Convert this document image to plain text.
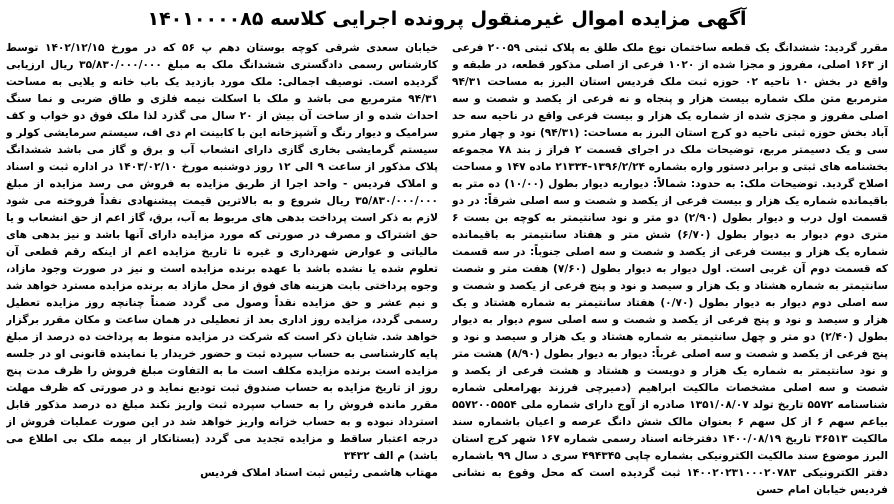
آگهی مزایده اموال غیرمنقول پرونده اجرایی کلاسه ۱۴۰۱۰۰۰۰۸۵

مقرر گردید: ششدانگ یک قطعه ساختمان نوع ملک طلق به پلاک ثبتی ۲۰۰۵۹ فرعی از ۱۶۳ اصلی، مفروز و مجزا شده از ۱۰۲۰ فرعی از اصلی مذکور قطعه، در طبقه و واقع در بخش ۱۰ ناحیه ۰۲ حوزه ثبت ملک فردیس استان البرز به مساحت ۹۴/۳۱ مترمربع متن ملک شماره بیست هزار و پنجاه و نه فرعی از یکصد و شصت و سه اصلی مفروز و مجزی شده از شماره یک هزار و بیست فرعی واقع در ناحیه سه حد آباد بخش حوزه ثبتی ناحیه دو کرج استان البرز به مساحت: (۹۴/۳۱) نود و چهار مترو سی و یک دسیمتر مربع، توضیحات ملک در اجرای قسمت ۲ فراز ز بند ۷۸ مجموعه بخشنامه های ثبتی و برابر دستور واره بشماره ۱۳۹۶/۲/۲۴-۲۱۳۳۴ ماده ۱۴۷ و مساحت اصلاح گردید. توضیحات ملک: به حدود: شمالاً: دیواریه دیوار بطول (۱۰/۰۰) ده متر به باقیمانده شماره یک هزار و بیست فرعی از یکصد و شصت و سه اصلی شرقاً: در دو قسمت اول درب و دیوار بطول (۲/۹۰) دو متر و نود سانتیمتر به کوچه بن بست ۶ متری دوم دیوار به دیوار بطول (۶/۷۰) شش متر و هفتاد سانتیمتر به باقیمانده شماره یک هزار و بیست فرعی از یکصد و شصت و سه اصلی جنوباً: در سه قسمت که قسمت دوم آن غربی است. اول دیوار به دیوار بطول (۷/۶۰) هفت متر و شصت سانتیمتر به شماره هشتاد و یک هزار و سیصد و نود و پنج فرعی از یکصد و شصت و سه اصلی دوم دیوار به دیوار بطول (۰/۷۰) هفتاد سانتیمتر به شماره هشتاد و یک هزار و سیصد و نود و پنج فرعی از یکصد و شصت و سه اصلی سوم دیوار به دیوار بطول (۲/۴۰) دو متر و چهل سانتیمتر به شماره هشتاد و یک هزار و سیصد و نود و پنج فرعی از یکصد و شصت و سه اصلی غرباً: دیوار به دیوار بطول (۸/۹۰) هشت متر و نود سانتیمتر به شماره یک هزار و دویست و هشتاد و هشت فرعی از یکصد و شصت و سه اصلی مشخصات مالکیت ابراهیم (دمیرچی فرزند بهرامعلی شماره شناسنامه ۵۵۷۲ تاریخ تولد ۱۳۵۱/۰۸/۰۷ صادره از آوج دارای شماره ملی ۵۵۷۲۰۰۵۵۵۴ بیاعم سهم ۶ از کل سهم ۶ بعنوان مالک شش دانگ عرصه و اعیان باشماره سند مالکیت ۳۶۵۱۳ تاریخ ۱۴۰۰/۰۸/۱۹ دفترخانه اسناد رسمی شماره ۱۶۷ شهر کرج استان البرز موضوع سند مالکیت الکترونیکی بشماره چاپی ۴۹۴۳۴۵ سری د سال ۹۹ باشماره دفتر الکترونیکی ۱۴۰۰۲۰۲۳۱۰۰۰۲۰۷۸۳ ثبت گردیده است که محل وقوع به نشانی فردیس خیابان امام حسن

خیابان سعدی شرقی کوچه بوستان دهم پ ۵۶ که در مورخ ۱۴۰۲/۱۲/۱۵ توسط کارشناس رسمی دادگستری ششدانگ ملک به مبلغ ۳۵/۸۳۰/۰۰۰/۰۰۰ ریال ارزیابی گردیده است. توصیف اجمالی: ملک مورد بازدید یک باب خانه و یلایی به مساحت ۹۴/۳۱ مترمربع می باشد و ملک با اسکلت نیمه فلزی و طاق ضربی و نما سنگ احداث شده و از ساخت آن بیش از ۲۰ سال می گذرد لذا ملک فوق دو خواب و کف سرامیک و دیوار رنگ و آشپزخانه این با کابینت ام دی اف، سیستم سرمایشی کولر و سیستم گرمایشی بخاری گازی دارای انشعاب آب و برق و گاز می باشد ششدانگ پلاک مذکور از ساعت ۹ الی ۱۲ روز دوشنبه مورخ ۱۴۰۳/۰۲/۱۰ در اداره ثبت و اسناد و املاک فردیس - واحد اجرا از طریق مزایده به فروش می رسد مزایده از مبلغ ۳۵/۸۳۰/۰۰۰/۰۰۰ ریال شروع و به بالاترین قیمت پیشنهادی نقداً فروخته می شود لازم به ذکر است پرداخت بدهی های مربوط به آب، برق، گاز اعم از حق انشعاب و یا حق اشتراک و مصرف در صورتی که مورد مزایده دارای آنها باشد و نیز بدهی های مالیاتی و عوارض شهرداری و غیره تا تاریخ مزایده اعم از اینکه رقم قطعی آن تعلوم شده یا نشده باشد با عهده برنده مزایده است و نیز در صورت وجود مازاد، وجوه پرداختی بابت هزینه های فوق از محل مازاد به برنده مزایده مسترد خواهد شد و نیم عشر و حق مزایده نقداً وصول می گردد ضمناً چنانچه روز مزایده تعطیل رسمی گردد، مزایده روز اداری بعد از تعطیلی در همان ساعت و مکان مقرر برگزار خواهد شد. شایان ذکر است که شرکت در مزایده منوط به پرداخت ده درصد از مبلغ پایه کارشناسی به حساب سپرده ثبت و حضور خریدار یا نماینده قانونی او در جلسه مزایده است برنده مزایده مکلف است ما به التفاوت مبلغ فروش را ظرف مدت پنج روز از تاریخ مزایده به حساب صندوق ثبت تودیع نماید و در صورتی که ظرف مهلت مقرر مانده فروش را به حساب سپرده ثبت واریز نکند مبلغ ده درصد مذکور قابل استرداد نبوده و به حساب خزانه واریز خواهد شد در این صورت عملیات فروش از درجه اعتبار ساقط و مزایده تجدید می گردد (بستانکار از بیمه ملک بی اطلاع می باشد) م الف ۳۴۳۲

مهتاب هاشمی رئیس ثبت اسناد املاک فردیس
